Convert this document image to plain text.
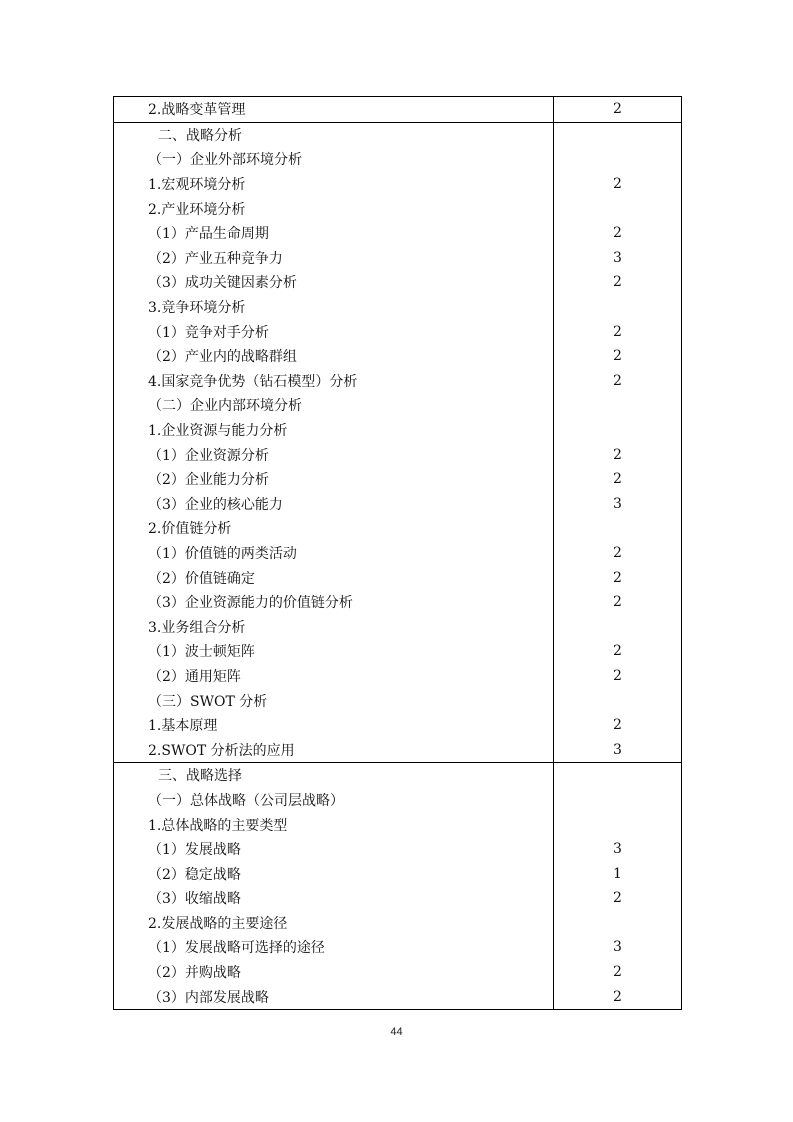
2.战略变革管理	2
二、战略分析
（一）企业外部环境分析
1.宏观环境分析	2
2.产业环境分析
（1）产品生命周期	2
（2）产业五种竞争力	3
（3）成功关键因素分析	2
3.竞争环境分析
（1）竞争对手分析	2
（2）产业内的战略群组	2
4.国家竞争优势（钻石模型）分析	2
（二）企业内部环境分析
1.企业资源与能力分析
（1）企业资源分析	2
（2）企业能力分析	2
（3）企业的核心能力	3
2.价值链分析
（1）价值链的两类活动	2
（2）价值链确定	2
（3）企业资源能力的价值链分析	2
3.业务组合分析
（1）波士顿矩阵	2
（2）通用矩阵	2
（三）SWOT 分析
1.基本原理	2
2.SWOT 分析法的应用	3
三、战略选择
（一）总体战略（公司层战略）
1.总体战略的主要类型
（1）发展战略	3
（2）稳定战略	1
（3）收缩战略	2
2.发展战略的主要途径
（1）发展战略可选择的途径	3
（2）并购战略	2
（3）内部发展战略	2
44
